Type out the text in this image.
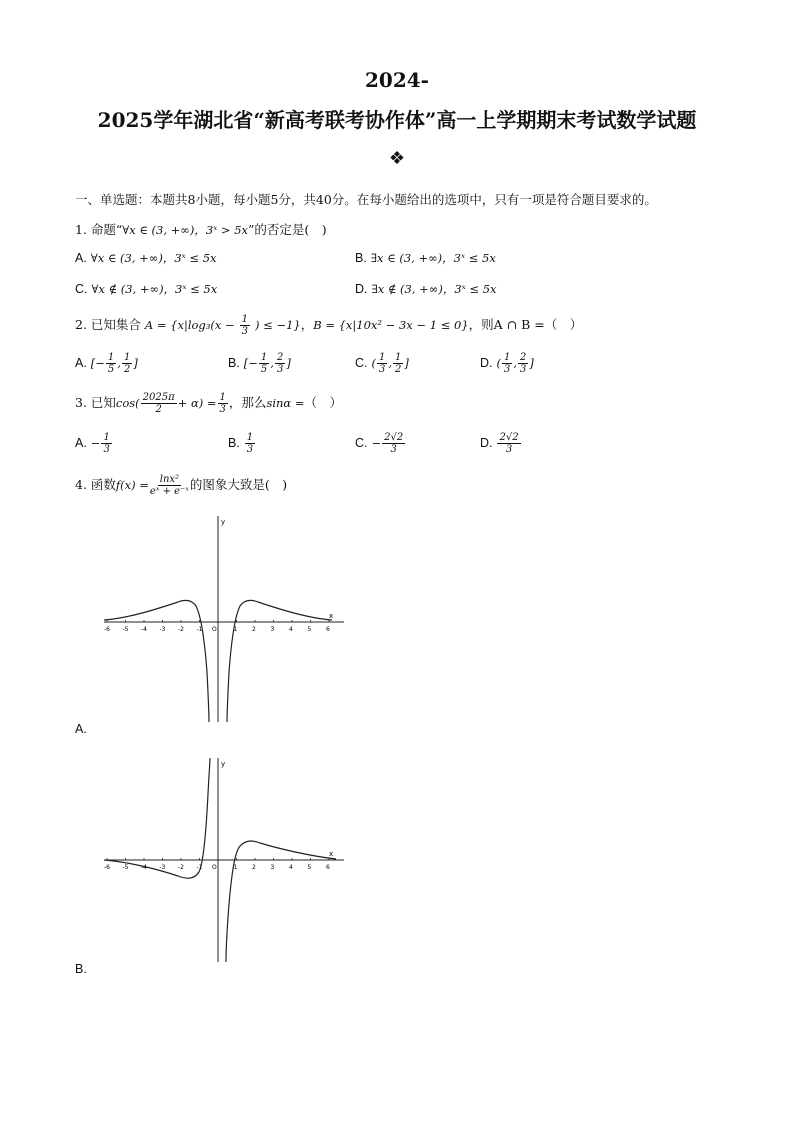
2024-
2025学年湖北省“新高考联考协作体”高一上学期期末考试数学试题
❖
一、单选题：本题共8小题，每小题5分，共40分。在每小题给出的选项中，只有一项是符合题目要求的。
1. 命题“∀x ∈ (3, +∞)，3ˣ > 5x”的否定是(　)
A. ∀x ∈ (3, +∞)，3ˣ ≤ 5x	B. ∃x ∈ (3, +∞)，3ˣ ≤ 5x
C. ∀x ∉ (3, +∞)，3ˣ ≤ 5x	D. ∃x ∉ (3, +∞)，3ˣ ≤ 5x
2. 已知集合 $A = \{x|\log_3(x - \frac{1}{3}$ ) ≤ −1}，B = {x|10x² − 3x − 1 ≤ 0}，则A ∩ B =（　）
A. [− $\frac{1}{5}$ , $\frac{1}{2}$ ]	B. [− $\frac{1}{5}$ , $\frac{2}{3}$ ]	C. ( $\frac{1}{3}$ , $\frac{1}{2}$ ]	D. ( $\frac{1}{3}$ , $\frac{2}{3}$ ]
3. 已知$\cos( \frac{2025\pi}{2} + \alpha) = \frac{1}{3}$ ，那么sinα =（　）
A. − $\frac{1}{3}$	B. $\frac{1}{3}$	C. − $\frac{2√2}{3}$	D. $\frac{2√2}{3}$
4. 函数$f(x) = \frac{\text{lnx²}}{\text{eˣ + e⁻ˣ}}$ 的图象大致是(　)
y
x
O
-6 -5 -4 -3 -2 -1	1 2 3 4 5 6
A.
y
x
O
-6 -5 -4 -3 -2 -1	1 2 3 4 5 6
B.
